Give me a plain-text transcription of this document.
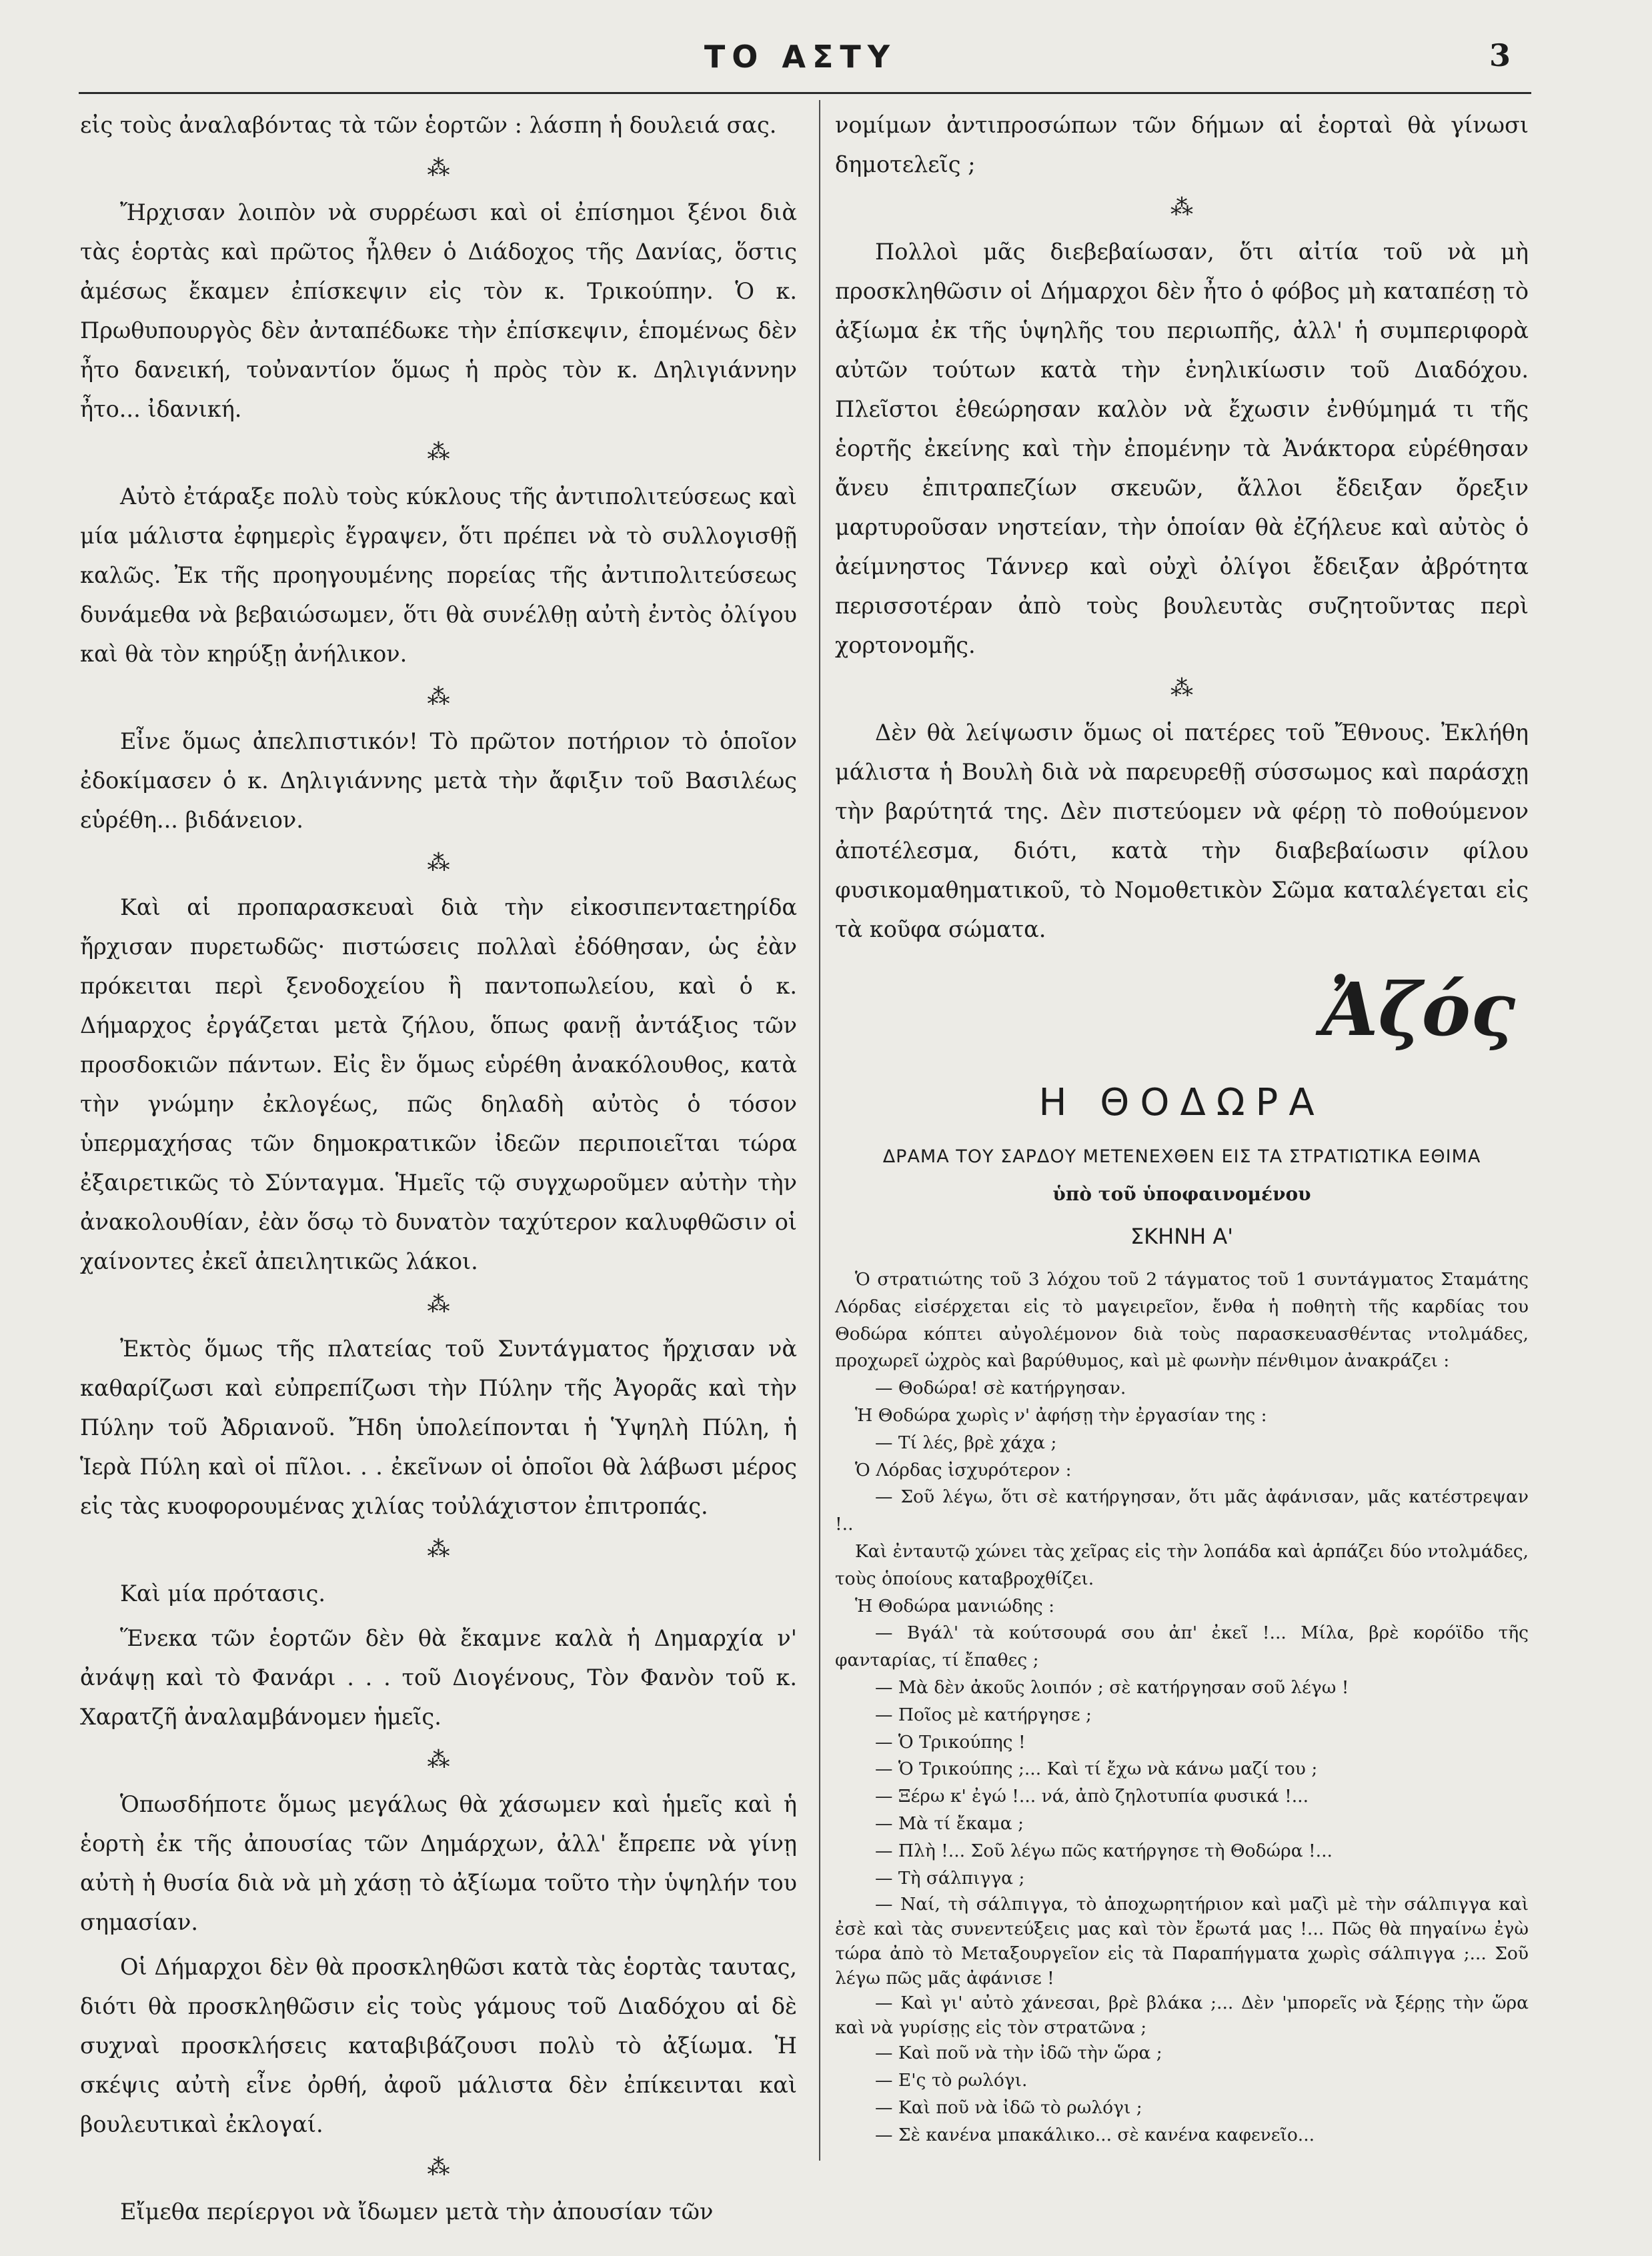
ΤΟ ΑΣΤΥ	3

εἰς τοὺς ἀναλαβόντας τὰ τῶν ἑορτῶν : λάσπη ἡ δουλειά σας.

⁂

Ἤρχισαν λοιπὸν νὰ συρρέωσι καὶ οἱ ἐπίσημοι ξένοι διὰ τὰς ἑορτὰς καὶ πρῶτος ἦλθεν ὁ Διάδοχος τῆς Δανίας, ὅστις ἀμέσως ἔκαμεν ἐπίσκεψιν εἰς τὸν κ. Τρικούπην. Ὁ κ. Πρωθυπουργὸς δὲν ἀνταπέδωκε τὴν ἐπίσκεψιν, ἑπομένως δὲν ἦτο δανεική, τοὐναντίον ὅμως ἡ πρὸς τὸν κ. Δηλιγιάννην ἦτο... ἰδανική.

⁂

Αὐτὸ ἐτάραξε πολὺ τοὺς κύκλους τῆς ἀντιπολιτεύσεως καὶ μία μάλιστα ἐφημερὶς ἔγραψεν, ὅτι πρέπει νὰ τὸ συλλογισθῇ καλῶς. Ἐκ τῆς προηγουμένης πορείας τῆς ἀντιπολιτεύσεως δυνάμεθα νὰ βεβαιώσωμεν, ὅτι θὰ συνέλθῃ αὐτὴ ἐντὸς ὀλίγου καὶ θὰ τὸν κηρύξῃ ἀνήλικον.

⁂

Εἶνε ὅμως ἀπελπιστικόν! Τὸ πρῶτον ποτήριον τὸ ὁποῖον ἐδοκίμασεν ὁ κ. Δηλιγιάννης μετὰ τὴν ἄφιξιν τοῦ Βασιλέως εὑρέθη... βιδάνειον.

⁂

Καὶ αἱ προπαρασκευαὶ διὰ τὴν εἰκοσιπενταετηρίδα ἤρχισαν πυρετωδῶς· πιστώσεις πολλαὶ ἐδόθησαν, ὡς ἐὰν πρόκειται περὶ ξενοδοχείου ἢ παντοπωλείου, καὶ ὁ κ. Δήμαρχος ἐργάζεται μετὰ ζήλου, ὅπως φανῇ ἀντάξιος τῶν προσδοκιῶν πάντων. Εἰς ἓν ὅμως εὑρέθη ἀνακόλουθος, κατὰ τὴν γνώμην ἐκλογέως, πῶς δηλαδὴ αὐτὸς ὁ τόσον ὑπερμαχήσας τῶν δημοκρατικῶν ἰδεῶν περιποιεῖται τώρα ἐξαιρετικῶς τὸ Σύνταγμα. Ἡμεῖς τῷ συγχωροῦμεν αὐτὴν τὴν ἀνακολουθίαν, ἐὰν ὅσῳ τὸ δυνατὸν ταχύτερον καλυφθῶσιν οἱ χαίνοντες ἐκεῖ ἀπειλητικῶς λάκοι.

⁂

Ἐκτὸς ὅμως τῆς πλατείας τοῦ Συντάγματος ἤρχισαν νὰ καθαρίζωσι καὶ εὐπρεπίζωσι τὴν Πύλην τῆς Ἀγορᾶς καὶ τὴν Πύλην τοῦ Ἀδριανοῦ. Ἤδη ὑπολείπονται ἡ Ὑψηλὴ Πύλη, ἡ Ἱερὰ Πύλη καὶ οἱ πῖλοι. . . ἐκεῖνων οἱ ὁποῖοι θὰ λάβωσι μέρος εἰς τὰς κυοφορουμένας χιλίας τοὐλάχιστον ἐπιτροπάς.

⁂

Καὶ μία πρότασις.

Ἕνεκα τῶν ἑορτῶν δὲν θὰ ἔκαμνε καλὰ ἡ Δημαρχία ν' ἀνάψῃ καὶ τὸ Φανάρι . . . τοῦ Διογένους, Τὸν Φανὸν τοῦ κ. Χαρατζῆ ἀναλαμβάνομεν ἡμεῖς.

⁂

Ὁπωσδήποτε ὅμως μεγάλως θὰ χάσωμεν καὶ ἡμεῖς καὶ ἡ ἑορτὴ ἐκ τῆς ἀπουσίας τῶν Δημάρχων, ἀλλ' ἔπρεπε νὰ γίνῃ αὐτὴ ἡ θυσία διὰ νὰ μὴ χάσῃ τὸ ἀξίωμα τοῦτο τὴν ὑψηλήν του σημασίαν.

Οἱ Δήμαρχοι δὲν θὰ προσκληθῶσι κατὰ τὰς ἑορτὰς ταυτας, διότι θὰ προσκληθῶσιν εἰς τοὺς γάμους τοῦ Διαδόχου αἱ δὲ συχναὶ προσκλήσεις καταβιβάζουσι πολὺ τὸ ἀξίωμα. Ἡ σκέψις αὐτὴ εἶνε ὀρθή, ἀφοῦ μάλιστα δὲν ἐπίκεινται καὶ βουλευτικαὶ ἐκλογαί.

⁂

Εἴμεθα περίεργοι νὰ ἴδωμεν μετὰ τὴν ἀπουσίαν τῶν

νομίμων ἀντιπροσώπων τῶν δήμων αἱ ἑορταὶ θὰ γίνωσι δημοτελεῖς ;

⁂

Πολλοὶ μᾶς διεβεβαίωσαν, ὅτι αἰτία τοῦ νὰ μὴ προσκληθῶσιν οἱ Δήμαρχοι δὲν ἦτο ὁ φόβος μὴ καταπέσῃ τὸ ἀξίωμα ἐκ τῆς ὑψηλῆς του περιωπῆς, ἀλλ' ἡ συμπεριφορὰ αὐτῶν τούτων κατὰ τὴν ἐνηλικίωσιν τοῦ Διαδόχου. Πλεῖστοι ἐθεώρησαν καλὸν νὰ ἔχωσιν ἐνθύμημά τι τῆς ἑορτῆς ἐκείνης καὶ τὴν ἐπομένην τὰ Ἀνάκτορα εὑρέθησαν ἄνευ ἐπιτραπεζίων σκευῶν, ἄλλοι ἔδειξαν ὄρεξιν μαρτυροῦσαν νηστείαν, τὴν ὁποίαν θὰ ἐζήλευε καὶ αὐτὸς ὁ ἀείμνηστος Τάννερ καὶ οὐχὶ ὀλίγοι ἔδειξαν ἀβρότητα περισσοτέραν ἀπὸ τοὺς βουλευτὰς συζητοῦντας περὶ χορτονομῆς.

⁂

Δὲν θὰ λείψωσιν ὅμως οἱ πατέρες τοῦ Ἔθνους. Ἐκλήθη μάλιστα ἡ Βουλὴ διὰ νὰ παρευρεθῇ σύσσωμος καὶ παράσχῃ τὴν βαρύτητά της. Δὲν πιστεύομεν νὰ φέρῃ τὸ ποθούμενον ἀποτέλεσμα, διότι, κατὰ τὴν διαβεβαίωσιν φίλου φυσικομαθηματικοῦ, τὸ Νομοθετικὸν Σῶμα καταλέγεται εἰς τὰ κοῦφα σώματα.

Ἀζός
Η ΘΟΔΩΡΑ
ΔΡΑΜΑ ΤΟΥ ΣΑΡΔΟΥ ΜΕΤΕΝΕΧΘΕΝ ΕΙΣ ΤΑ ΣΤΡΑΤΙΩΤΙΚΑ ΕΘΙΜΑ
ὑπὸ τοῦ ὑποφαινομένου
ΣΚΗΝΗ Α'

Ὁ στρατιώτης τοῦ 3 λόχου τοῦ 2 τάγματος τοῦ 1 συντάγματος Σταμάτης Λόρδας εἰσέρχεται εἰς τὸ μαγειρεῖον, ἔνθα ἡ ποθητὴ τῆς καρδίας του Θοδώρα κόπτει αὐγολέμονον διὰ τοὺς παρασκευασθέντας ντολμάδες, προχωρεῖ ὠχρὸς καὶ βαρύθυμος, καὶ μὲ φωνὴν πένθιμον ἀνακράζει :

— Θοδώρα! σὲ κατήργησαν.

Ἡ Θοδώρα χωρὶς ν' ἀφήσῃ τὴν ἐργασίαν της :

— Τί λές, βρὲ χάχα ;

Ὁ Λόρδας ἰσχυρότερον :

— Σοῦ λέγω, ὅτι σὲ κατήργησαν, ὅτι μᾶς ἀφάνισαν, μᾶς κατέστρεψαν !..

Καὶ ἐνταυτῷ χώνει τὰς χεῖρας εἰς τὴν λοπάδα καὶ ἁρπάζει δύο ντολμάδες, τοὺς ὁποίους καταβροχθίζει.

Ἡ Θοδώρα μανιώδης :

— Βγάλ' τὰ κούτσουρά σου ἀπ' ἐκεῖ !... Μίλα, βρὲ κορόϊδο τῆς φανταρίας, τί ἔπαθες ;

— Μὰ δὲν ἀκοῦς λοιπόν ; σὲ κατήργησαν σοῦ λέγω !

— Ποῖος μὲ κατήργησε ;

— Ὁ Τρικούπης !

— Ὁ Τρικούπης ;... Καὶ τί ἔχω νὰ κάνω μαζί του ;

— Ξέρω κ' ἐγώ !... νά, ἀπὸ ζηλοτυπία φυσικά !...

— Μὰ τί ἔκαμα ;

— Πλὴ !... Σοῦ λέγω πῶς κατήργησε τὴ Θοδώρα !...

— Τὴ σάλπιγγα ;

— Ναί, τὴ σάλπιγγα, τὸ ἀποχωρητήριον καὶ μαζὶ μὲ τὴν σάλπιγγα καὶ ἐσὲ καὶ τὰς συνεντεύξεις μας καὶ τὸν ἔρωτά μας !... Πῶς θὰ πηγαίνω ἐγὼ τώρα ἀπὸ τὸ Μεταξουργεῖον εἰς τὰ Παραπήγματα χωρὶς σάλπιγγα ;... Σοῦ λέγω πῶς μᾶς ἀφάνισε !

— Καὶ γι' αὐτὸ χάνεσαι, βρὲ βλάκα ;... Δὲν 'μπορεῖς νὰ ξέρῃς τὴν ὥρα καὶ νὰ γυρίσῃς εἰς τὸν στρατῶνα ;

— Καὶ ποῦ νὰ τὴν ἰδῶ τὴν ὥρα ;

— Ε'ς τὸ ρωλόγι.

— Καὶ ποῦ νὰ ἰδῶ τὸ ρωλόγι ;

— Σὲ κανένα μπακάλικο... σὲ κανένα καφενεῖο...
